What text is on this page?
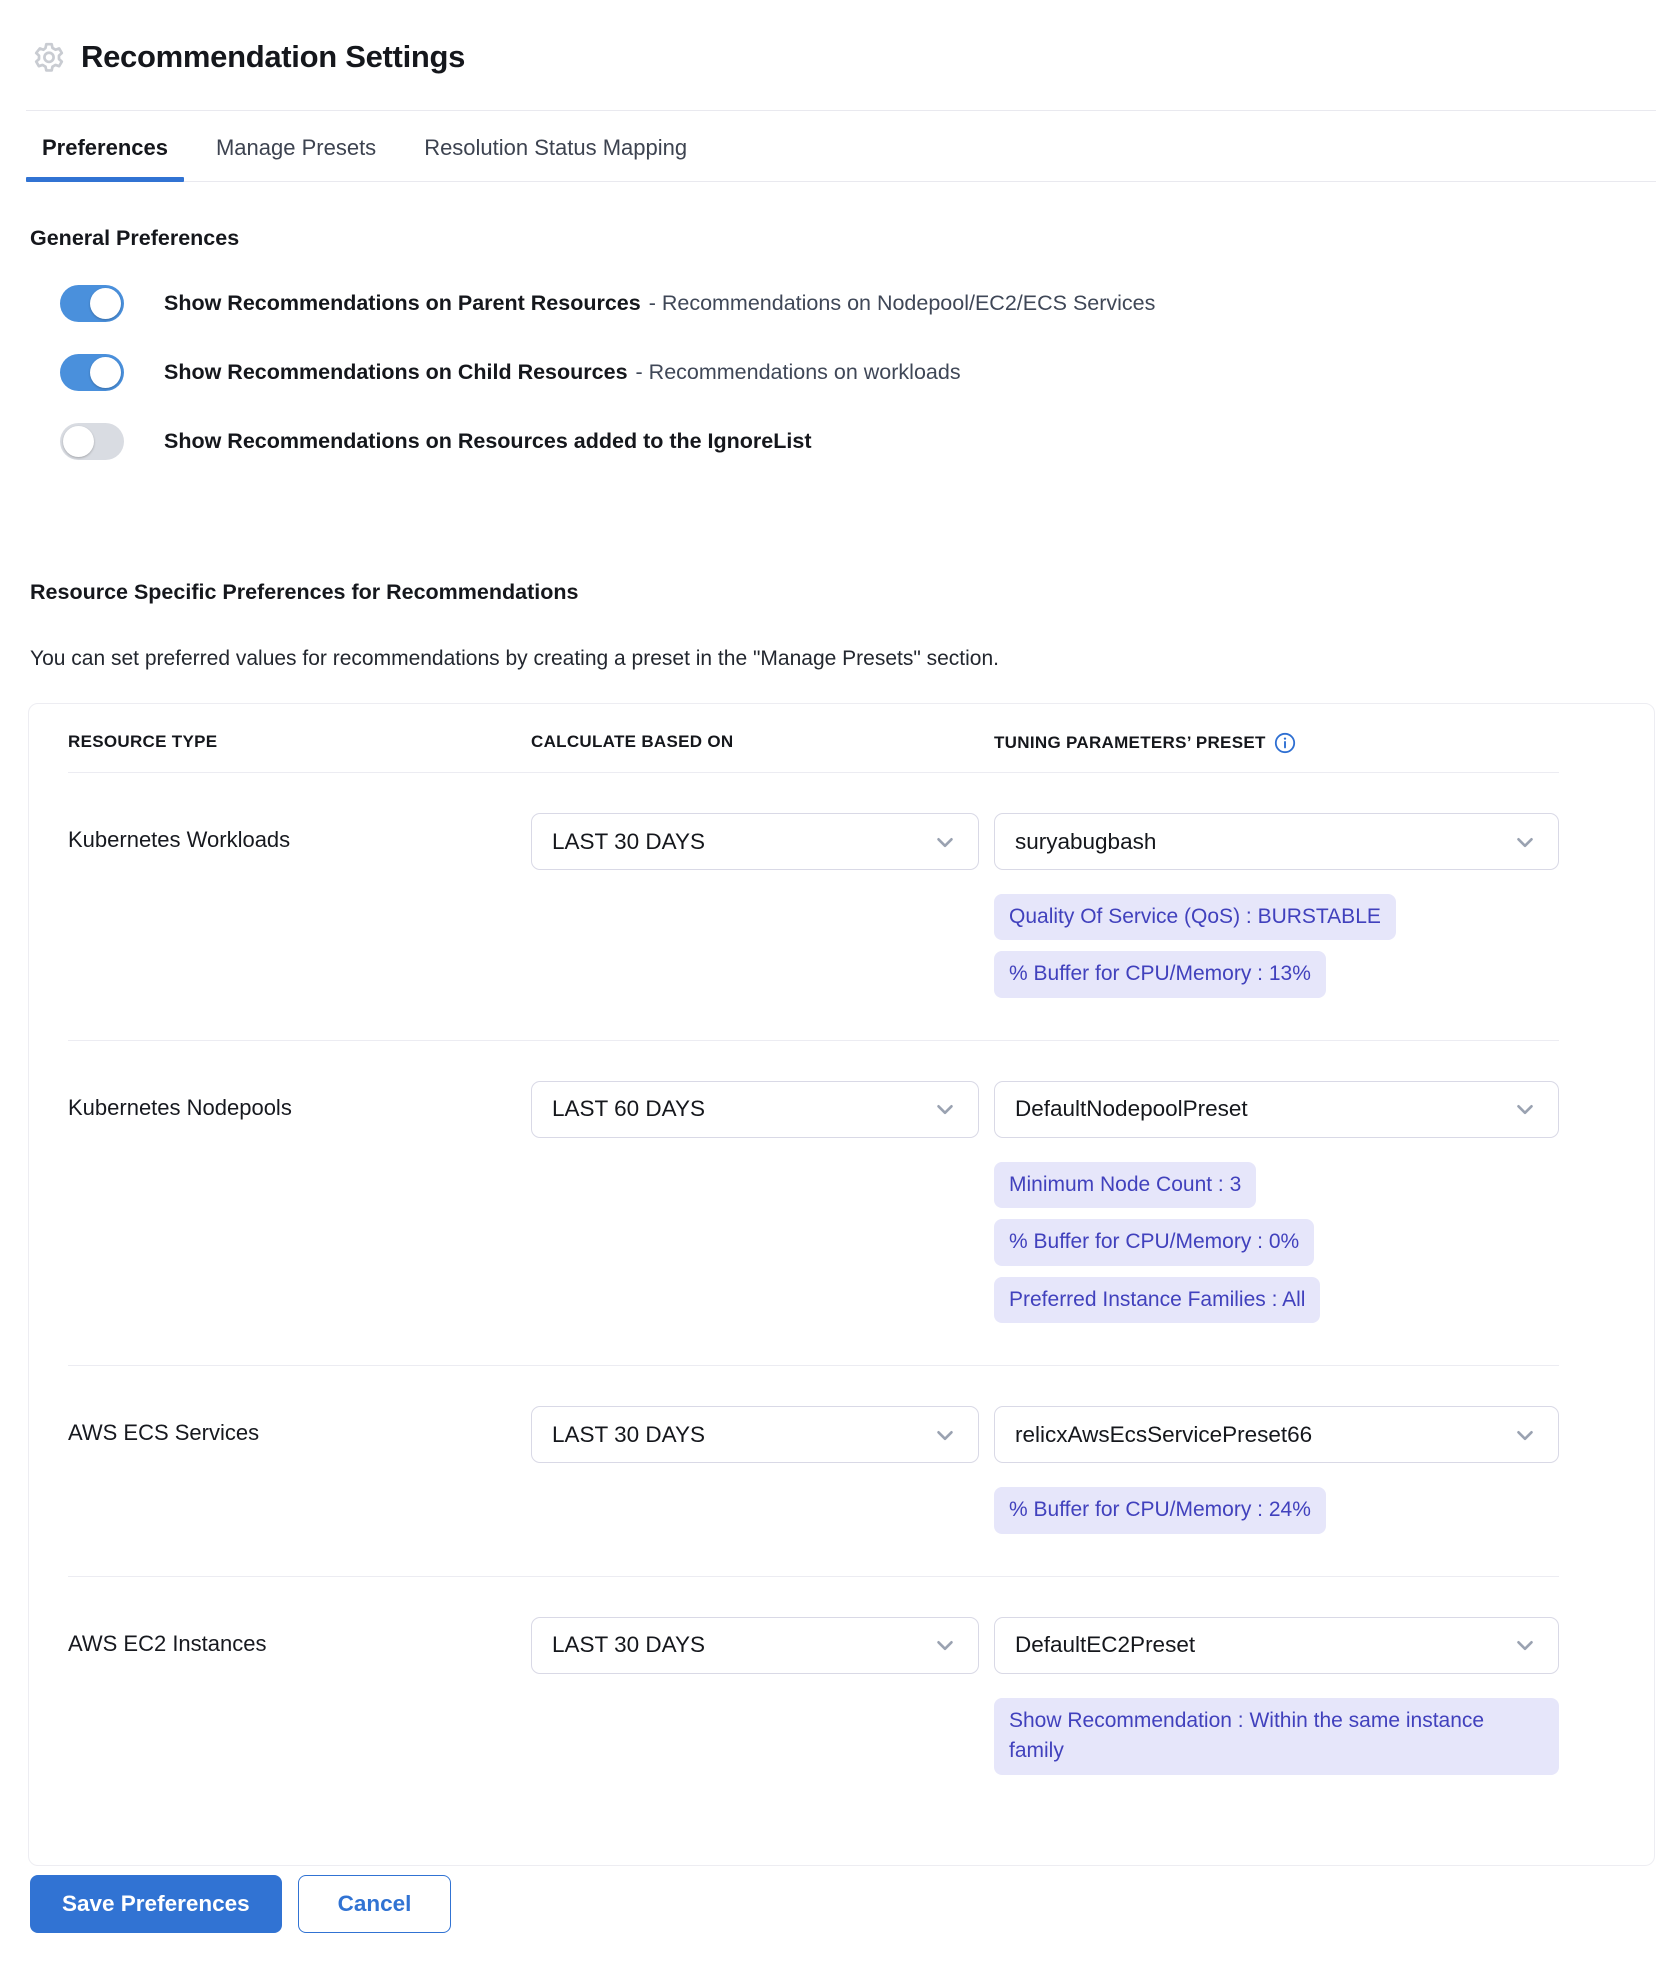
Recommendation Settings
Preferences	Manage Presets	Resolution Status Mapping
General Preferences
Show Recommendations on Parent Resources - Recommendations on Nodepool/EC2/ECS Services
Show Recommendations on Child Resources - Recommendations on workloads
Show Recommendations on Resources added to the IgnoreList
Resource Specific Preferences for Recommendations

You can set preferred values for recommendations by creating a preset in the "Manage Presets" section.

RESOURCE TYPE	CALCULATE BASED ON	TUNING PARAMETERS’ PRESET
Kubernetes Workloads	LAST 30 DAYS	suryabugbash
Quality Of Service (QoS) : BURSTABLE
% Buffer for CPU/Memory : 13%
Kubernetes Nodepools	LAST 60 DAYS	DefaultNodepoolPreset
Minimum Node Count : 3
% Buffer for CPU/Memory : 0%
Preferred Instance Families : All
AWS ECS Services	LAST 30 DAYS	relicxAwsEcsServicePreset66
% Buffer for CPU/Memory : 24%
AWS EC2 Instances	LAST 30 DAYS	DefaultEC2Preset
Show Recommendation : Within the same instance family
Save Preferences	Cancel
